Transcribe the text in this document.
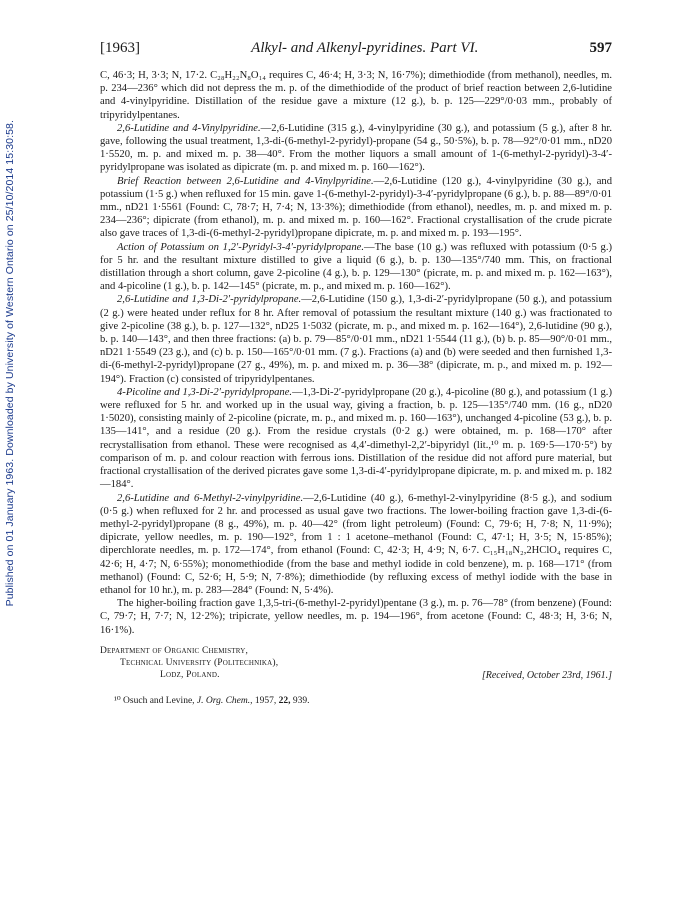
Published on 01 January 1963. Downloaded by University of Western Ontario on 25/10/2014 15:30:58.
[1963]	Alkyl- and Alkenyl-pyridines. Part VI.	597

C, 46·3; H, 3·3; N, 17·2. C₂₈H₂₂N₈O₁₄ requires C, 46·4; H, 3·3; N, 16·7%); dimethiodide (from methanol), needles, m. p. 234—236° which did not depress the m. p. of the dimethiodide of the product of brief reaction between 2,6-lutidine and 4-vinylpyridine. Distillation of the residue gave a mixture (12 g.), b. p. 125—229°/0·03 mm., probably of tripyridylpentanes.

2,6-Lutidine and 4-Vinylpyridine.—2,6-Lutidine (315 g.), 4-vinylpyridine (30 g.), and potassium (5 g.), after 8 hr. gave, following the usual treatment, 1,3-di-(6-methyl-2-pyridyl)-propane (54 g., 50·5%), b. p. 78—92°/0·01 mm., nD20 1·5520, m. p. and mixed m. p. 38—40°. From the mother liquors a small amount of 1-(6-methyl-2-pyridyl)-3-4′-pyridylpropane was isolated as dipicrate (m. p. and mixed m. p. 160—162°).

Brief Reaction between 2,6-Lutidine and 4-Vinylpyridine.—2,6-Lutidine (120 g.), 4-vinylpyridine (30 g.), and potassium (1·5 g.) when refluxed for 15 min. gave 1-(6-methyl-2-pyridyl)-3-4′-pyridylpropane (6 g.), b. p. 88—89°/0·01 mm., nD21 1·5561 (Found: C, 78·7; H, 7·4; N, 13·3%); dimethiodide (from ethanol), needles, m. p. and mixed m. p. 234—236°; dipicrate (from ethanol), m. p. and mixed m. p. 160—162°. Fractional crystallisation of the crude picrate also gave traces of 1,3-di-(6-methyl-2-pyridyl)propane dipicrate, m. p. and mixed m. p. 193—195°.

Action of Potassium on 1,2′-Pyridyl-3-4′-pyridylpropane.—The base (10 g.) was refluxed with potassium (0·5 g.) for 5 hr. and the resultant mixture distilled to give a liquid (6 g.), b. p. 130—135°/740 mm. This, on fractional distillation through a short column, gave 2-picoline (4 g.), b. p. 129—130° (picrate, m. p. and mixed m. p. 162—163°), and 4-picoline (1 g.), b. p. 142—145° (picrate, m. p., and mixed m. p. 160—162°).

2,6-Lutidine and 1,3-Di-2′-pyridylpropane.—2,6-Lutidine (150 g.), 1,3-di-2′-pyridylpropane (50 g.), and potassium (2 g.) were heated under reflux for 8 hr. After removal of potassium the resultant mixture (140 g.) was fractionated to give 2-picoline (38 g.), b. p. 127—132°, nD25 1·5032 (picrate, m. p., and mixed m. p. 162—164°), 2,6-lutidine (90 g.), b. p. 140—143°, and then three fractions: (a) b. p. 79—85°/0·01 mm., nD21 1·5544 (11 g.), (b) b. p. 85—90°/0·01 mm., nD21 1·5549 (23 g.), and (c) b. p. 150—165°/0·01 mm. (7 g.). Fractions (a) and (b) were seeded and then furnished 1,3-di-(6-methyl-2-pyridyl)propane (27 g., 49%), m. p. and mixed m. p. 36—38° (dipicrate, m. p., and mixed m. p. 192—194°). Fraction (c) consisted of tripyridylpentanes.

4-Picoline and 1,3-Di-2′-pyridylpropane.—1,3-Di-2′-pyridylpropane (20 g.), 4-picoline (80 g.), and potassium (1 g.) were refluxed for 5 hr. and worked up in the usual way, giving a fraction, b. p. 125—135°/740 mm. (16 g., nD20 1·5020), consisting mainly of 2-picoline (picrate, m. p., and mixed m. p. 160—163°), unchanged 4-picoline (53 g.), b. p. 135—141°, and a residue (20 g.). From the residue crystals (0·2 g.) were obtained, m. p. 168—170° after recrystallisation from ethanol. These were recognised as 4,4′-dimethyl-2,2′-bipyridyl (lit.,¹⁰ m. p. 169·5—170·5°) by comparison of m. p. and colour reaction with ferrous ions. Distillation of the residue did not afford pure material, but fractional crystallisation of the derived picrates gave some 1,3-di-4′-pyridylpropane dipicrate, m. p. and mixed m. p. 182—184°.

2,6-Lutidine and 6-Methyl-2-vinylpyridine.—2,6-Lutidine (40 g.), 6-methyl-2-vinylpyridine (8·5 g.), and sodium (0·5 g.) when refluxed for 2 hr. and processed as usual gave two fractions. The lower-boiling fraction gave 1,3-di-(6-methyl-2-pyridyl)propane (8 g., 49%), m. p. 40—42° (from light petroleum) (Found: C, 79·6; H, 7·8; N, 11·9%); dipicrate, yellow needles, m. p. 190—192°, from 1 : 1 acetone–methanol (Found: C, 47·1; H, 3·5; N, 15·85%); diperchlorate needles, m. p. 172—174°, from ethanol (Found: C, 42·3; H, 4·9; N, 6·7. C₁₅H₁₈N₂,2HClO₄ requires C, 42·6; H, 4·7; N, 6·55%); monomethiodide (from the base and methyl iodide in cold benzene), m. p. 168—171° (from methanol) (Found: C, 52·6; H, 5·9; N, 7·8%); dimethiodide (by refluxing excess of methyl iodide with the base in ethanol for 10 hr.), m. p. 283—284° (Found: N, 5·4%).

The higher-boiling fraction gave 1,3,5-tri-(6-methyl-2-pyridyl)pentane (3 g.), m. p. 76—78° (from benzene) (Found: C, 79·7; H, 7·7; N, 12·2%); tripicrate, yellow needles, m. p. 194—196°, from acetone (Found: C, 48·3; H, 3·6; N, 16·1%).

Department of Organic Chemistry,
Technical University (Politechnika),
Lodz, Poland.	[Received, October 23rd, 1961.]
¹⁰ Osuch and Levine, J. Org. Chem., 1957, 22, 939.
